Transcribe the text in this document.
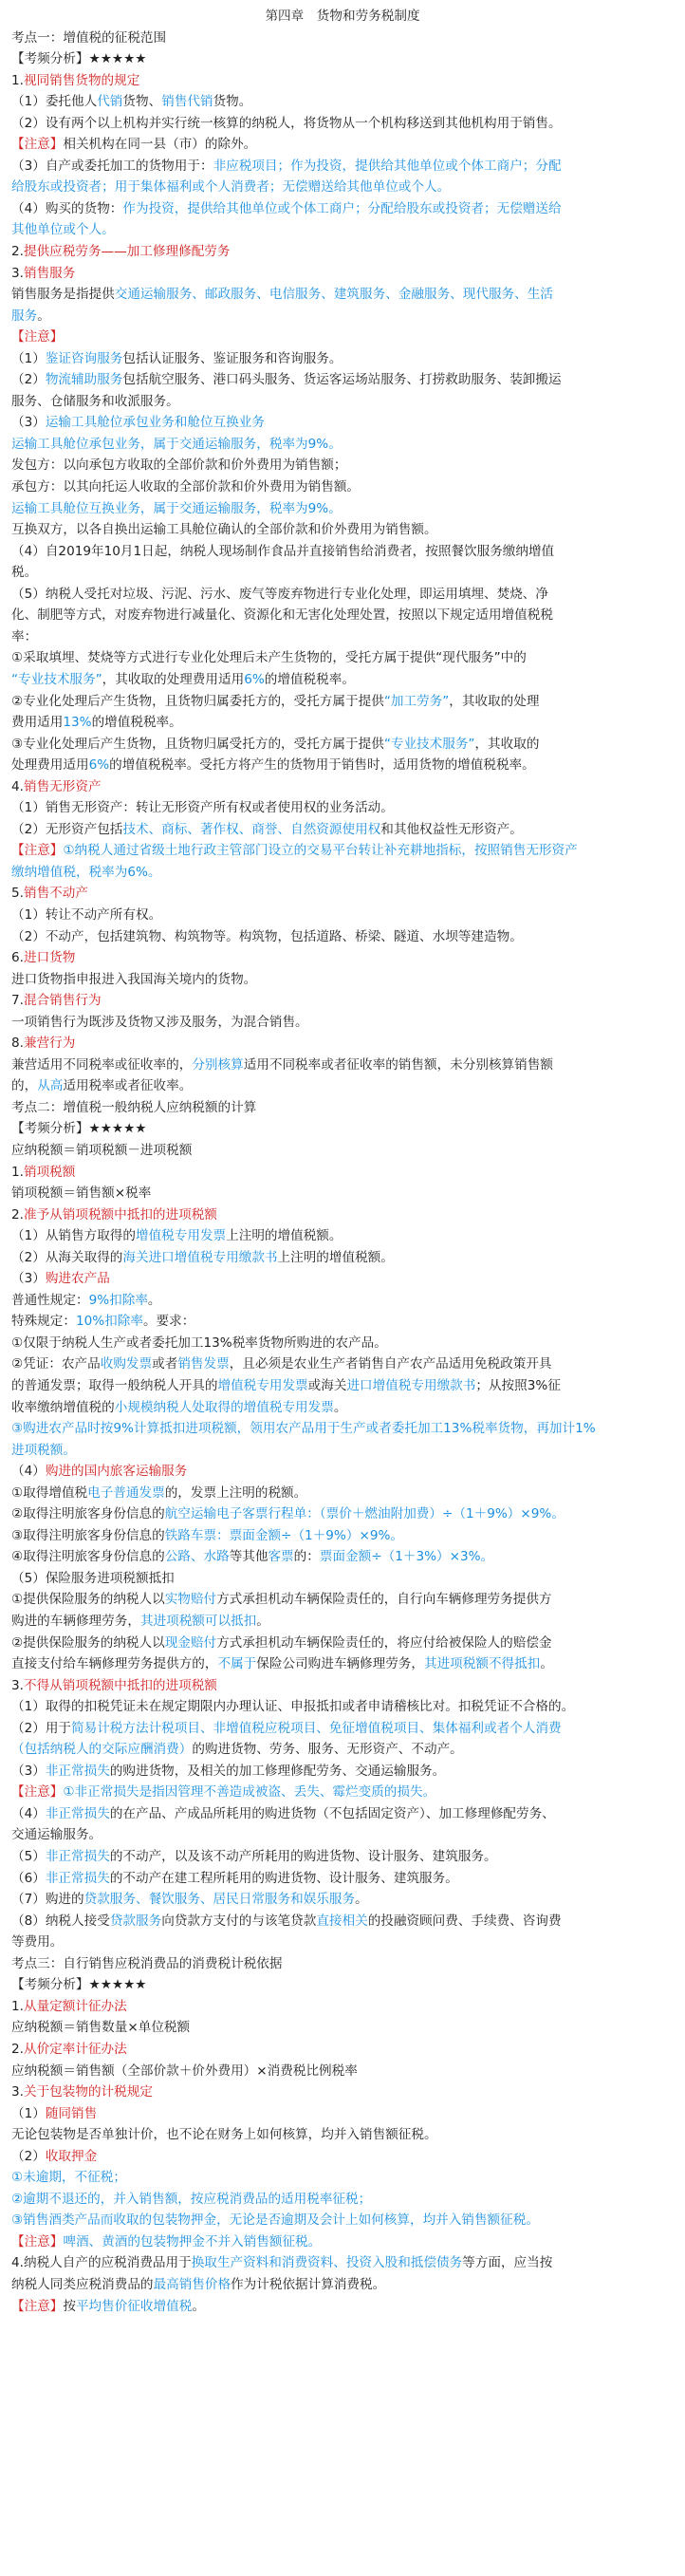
第四章　货物和劳务税制度
考点一：增值税的征税范围
【考频分析】★★★★★
1.视同销售货物的规定
（1）委托他人代销货物、销售代销货物。
（2）设有两个以上机构并实行统一核算的纳税人，将货物从一个机构移送到其他机构用于销售。
【注意】相关机构在同一县（市）的除外。
（3）自产或委托加工的货物用于：非应税项目；作为投资，提供给其他单位或个体工商户；分配
给股东或投资者；用于集体福利或个人消费者；无偿赠送给其他单位或个人。
（4）购买的货物：作为投资，提供给其他单位或个体工商户；分配给股东或投资者；无偿赠送给
其他单位或个人。
2.提供应税劳务——加工修理修配劳务
3.销售服务
销售服务是指提供交通运输服务、邮政服务、电信服务、建筑服务、金融服务、现代服务、生活
服务。
【注意】
（1）鉴证咨询服务包括认证服务、鉴证服务和咨询服务。
（2）物流辅助服务包括航空服务、港口码头服务、货运客运场站服务、打捞救助服务、装卸搬运
服务、仓储服务和收派服务。
（3）运输工具舱位承包业务和舱位互换业务
运输工具舱位承包业务，属于交通运输服务，税率为9%。
发包方：以向承包方收取的全部价款和价外费用为销售额；
承包方：以其向托运人收取的全部价款和价外费用为销售额。
运输工具舱位互换业务，属于交通运输服务，税率为9%。
互换双方，以各自换出运输工具舱位确认的全部价款和价外费用为销售额。
（4）自2019年10月1日起，纳税人现场制作食品并直接销售给消费者，按照餐饮服务缴纳增值
税。
（5）纳税人受托对垃圾、污泥、污水、废气等废弃物进行专业化处理，即运用填埋、焚烧、净
化、制肥等方式，对废弃物进行减量化、资源化和无害化处理处置，按照以下规定适用增值税税
率：
①采取填埋、焚烧等方式进行专业化处理后未产生货物的，受托方属于提供“现代服务”中的
“专业技术服务”，其收取的处理费用适用6%的增值税税率。
②专业化处理后产生货物，且货物归属委托方的，受托方属于提供“加工劳务”，其收取的处理
费用适用13%的增值税税率。
③专业化处理后产生货物，且货物归属受托方的，受托方属于提供“专业技术服务”，其收取的
处理费用适用6%的增值税税率。受托方将产生的货物用于销售时，适用货物的增值税税率。
4.销售无形资产
（1）销售无形资产：转让无形资产所有权或者使用权的业务活动。
（2）无形资产包括技术、商标、著作权、商誉、自然资源使用权和其他权益性无形资产。
【注意】①纳税人通过省级土地行政主管部门设立的交易平台转让补充耕地指标，按照销售无形资产
缴纳增值税，税率为6%。
5.销售不动产
（1）转让不动产所有权。
（2）不动产，包括建筑物、构筑物等。构筑物，包括道路、桥梁、隧道、水坝等建造物。
6.进口货物
进口货物指申报进入我国海关境内的货物。
7.混合销售行为
一项销售行为既涉及货物又涉及服务，为混合销售。
8.兼营行为
兼营适用不同税率或征收率的，分别核算适用不同税率或者征收率的销售额，未分别核算销售额
的，从高适用税率或者征收率。
考点二：增值税一般纳税人应纳税额的计算
【考频分析】★★★★★
应纳税额＝销项税额－进项税额
1.销项税额
销项税额＝销售额×税率
2.准予从销项税额中抵扣的进项税额
（1）从销售方取得的增值税专用发票上注明的增值税额。
（2）从海关取得的海关进口增值税专用缴款书上注明的增值税额。
（3）购进农产品
普通性规定：9%扣除率。
特殊规定：10%扣除率。要求：
①仅限于纳税人生产或者委托加工13%税率货物所购进的农产品。
②凭证：农产品收购发票或者销售发票，且必须是农业生产者销售自产农产品适用免税政策开具
的普通发票；取得一般纳税人开具的增值税专用发票或海关进口增值税专用缴款书；从按照3%征
收率缴纳增值税的小规模纳税人处取得的增值税专用发票。
③购进农产品时按9%计算抵扣进项税额，领用农产品用于生产或者委托加工13%税率货物，再加计1%
进项税额。
（4）购进的国内旅客运输服务
①取得增值税电子普通发票的，发票上注明的税额。
②取得注明旅客身份信息的航空运输电子客票行程单：（票价＋燃油附加费）÷（1＋9%）×9%。
③取得注明旅客身份信息的铁路车票：票面金额÷（1＋9%）×9%。
④取得注明旅客身份信息的公路、水路等其他客票的：票面金额÷（1＋3%）×3%。
（5）保险服务进项税额抵扣
①提供保险服务的纳税人以实物赔付方式承担机动车辆保险责任的，自行向车辆修理劳务提供方
购进的车辆修理劳务，其进项税额可以抵扣。
②提供保险服务的纳税人以现金赔付方式承担机动车辆保险责任的，将应付给被保险人的赔偿金
直接支付给车辆修理劳务提供方的，不属于保险公司购进车辆修理劳务，其进项税额不得抵扣。
3.不得从销项税额中抵扣的进项税额
（1）取得的扣税凭证未在规定期限内办理认证、申报抵扣或者申请稽核比对。扣税凭证不合格的。
（2）用于简易计税方法计税项目、非增值税应税项目、免征增值税项目、集体福利或者个人消费
（包括纳税人的交际应酬消费）的购进货物、劳务、服务、无形资产、不动产。
（3）非正常损失的购进货物，及相关的加工修理修配劳务、交通运输服务。
【注意】①非正常损失是指因管理不善造成被盗、丢失、霉烂变质的损失。
（4）非正常损失的在产品、产成品所耗用的购进货物（不包括固定资产）、加工修理修配劳务、
交通运输服务。
（5）非正常损失的不动产，以及该不动产所耗用的购进货物、设计服务、建筑服务。
（6）非正常损失的不动产在建工程所耗用的购进货物、设计服务、建筑服务。
（7）购进的贷款服务、餐饮服务、居民日常服务和娱乐服务。
（8）纳税人接受贷款服务向贷款方支付的与该笔贷款直接相关的投融资顾问费、手续费、咨询费
等费用。
考点三：自行销售应税消费品的消费税计税依据
【考频分析】★★★★★
1.从量定额计征办法
应纳税额＝销售数量×单位税额
2.从价定率计征办法
应纳税额＝销售额（全部价款＋价外费用）×消费税比例税率
3.关于包装物的计税规定
（1）随同销售
无论包装物是否单独计价，也不论在财务上如何核算，均并入销售额征税。
（2）收取押金
①未逾期，不征税；
②逾期不退还的，并入销售额，按应税消费品的适用税率征税；
③销售酒类产品而收取的包装物押金，无论是否逾期及会计上如何核算，均并入销售额征税。
【注意】啤酒、黄酒的包装物押金不并入销售额征税。
4.纳税人自产的应税消费品用于换取生产资料和消费资料、投资入股和抵偿债务等方面，应当按
纳税人同类应税消费品的最高销售价格作为计税依据计算消费税。
【注意】按平均售价征收增值税。
